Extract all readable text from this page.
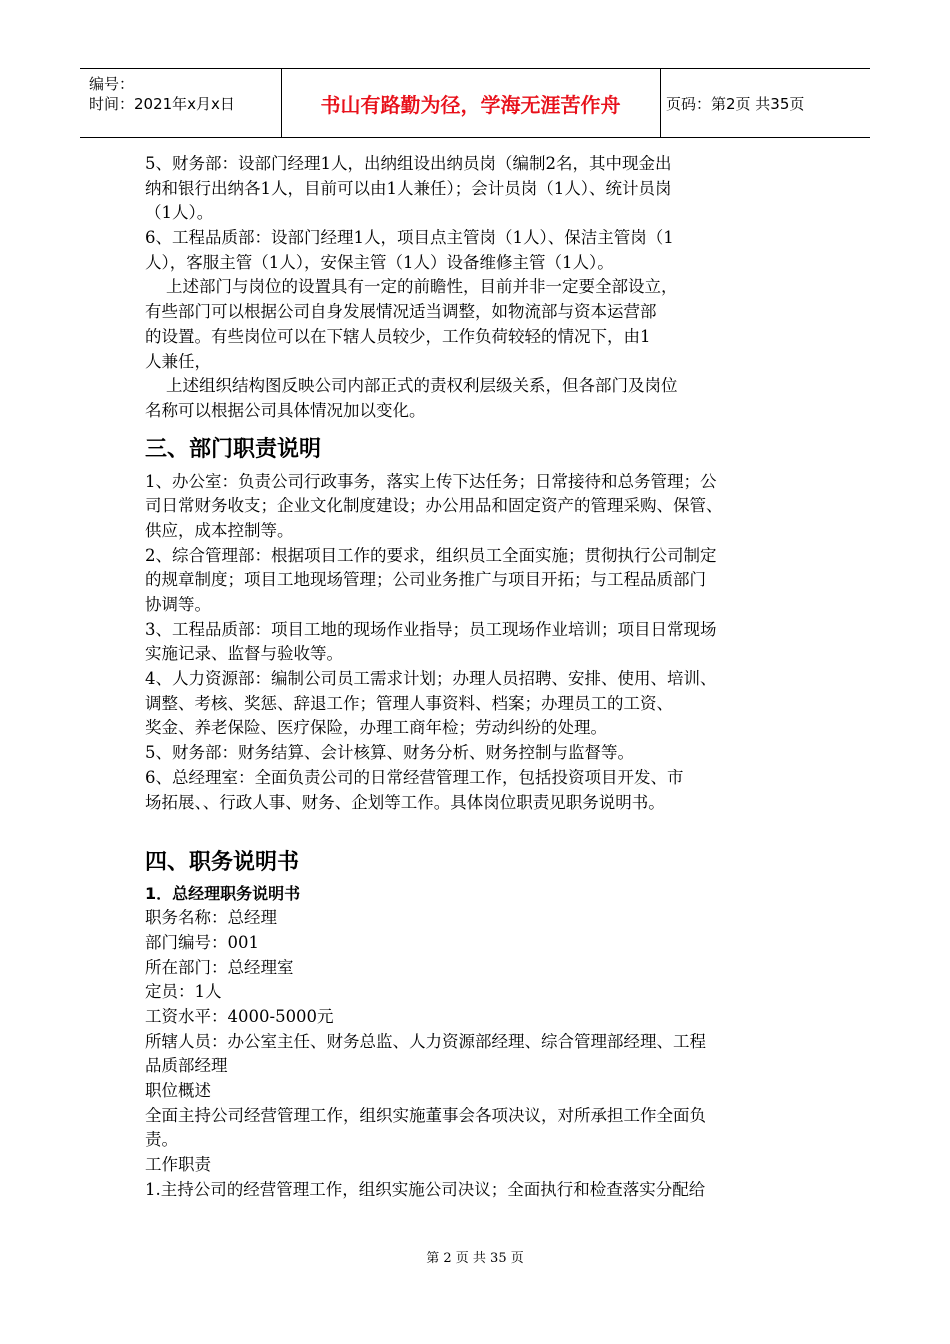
编号：
时间：2021年x月x日	书山有路勤为径，学海无涯苦作舟	页码：第2页 共35页
5、财务部：设部门经理1人，出纳组设出纳员岗（编制2名，其中现金出
纳和银行出纳各1人，目前可以由1人兼任）；会计员岗（1人）、统计员岗
（1人）。
6、工程品质部：设部门经理1人，项目点主管岗（1人）、保洁主管岗（1
人），客服主管（1人），安保主管（1人）设备维修主管（1人）。
上述部门与岗位的设置具有一定的前瞻性，目前并非一定要全部设立，
有些部门可以根据公司自身发展情况适当调整，如物流部与资本运营部
的设置。有些岗位可以在下辖人员较少，工作负荷较轻的情况下，由1
人兼任，
上述组织结构图反映公司内部正式的责权利层级关系，但各部门及岗位
名称可以根据公司具体情况加以变化。
三、部门职责说明
1、办公室：负责公司行政事务，落实上传下达任务；日常接待和总务管理；公
司日常财务收支；企业文化制度建设；办公用品和固定资产的管理采购、保管、
供应，成本控制等。
2、综合管理部：根据项目工作的要求，组织员工全面实施；贯彻执行公司制定
的规章制度；项目工地现场管理；公司业务推广与项目开拓；与工程品质部门
协调等。
3、工程品质部：项目工地的现场作业指导；员工现场作业培训；项目日常现场
实施记录、监督与验收等。
4、人力资源部：编制公司员工需求计划；办理人员招聘、安排、使用、培训、
调整、考核、奖惩、辞退工作；管理人事资料、档案；办理员工的工资、
奖金、养老保险、医疗保险，办理工商年检；劳动纠纷的处理。
5、财务部：财务结算、会计核算、财务分析、财务控制与监督等。
6、总经理室：全面负责公司的日常经营管理工作，包括投资项目开发、市
场拓展、、行政人事、财务、企划等工作。具体岗位职责见职务说明书。
四、职务说明书
1．总经理职务说明书
职务名称：总经理
部门编号：001
所在部门：总经理室
定员：1人
工资水平：4000-5000元
所辖人员：办公室主任、财务总监、人力资源部经理、综合管理部经理、工程
品质部经理
职位概述
全面主持公司经营管理工作，组织实施董事会各项决议，对所承担工作全面负
责。
工作职责
1.主持公司的经营管理工作，组织实施公司决议；全面执行和检查落实分配给
第 2 页 共 35 页
